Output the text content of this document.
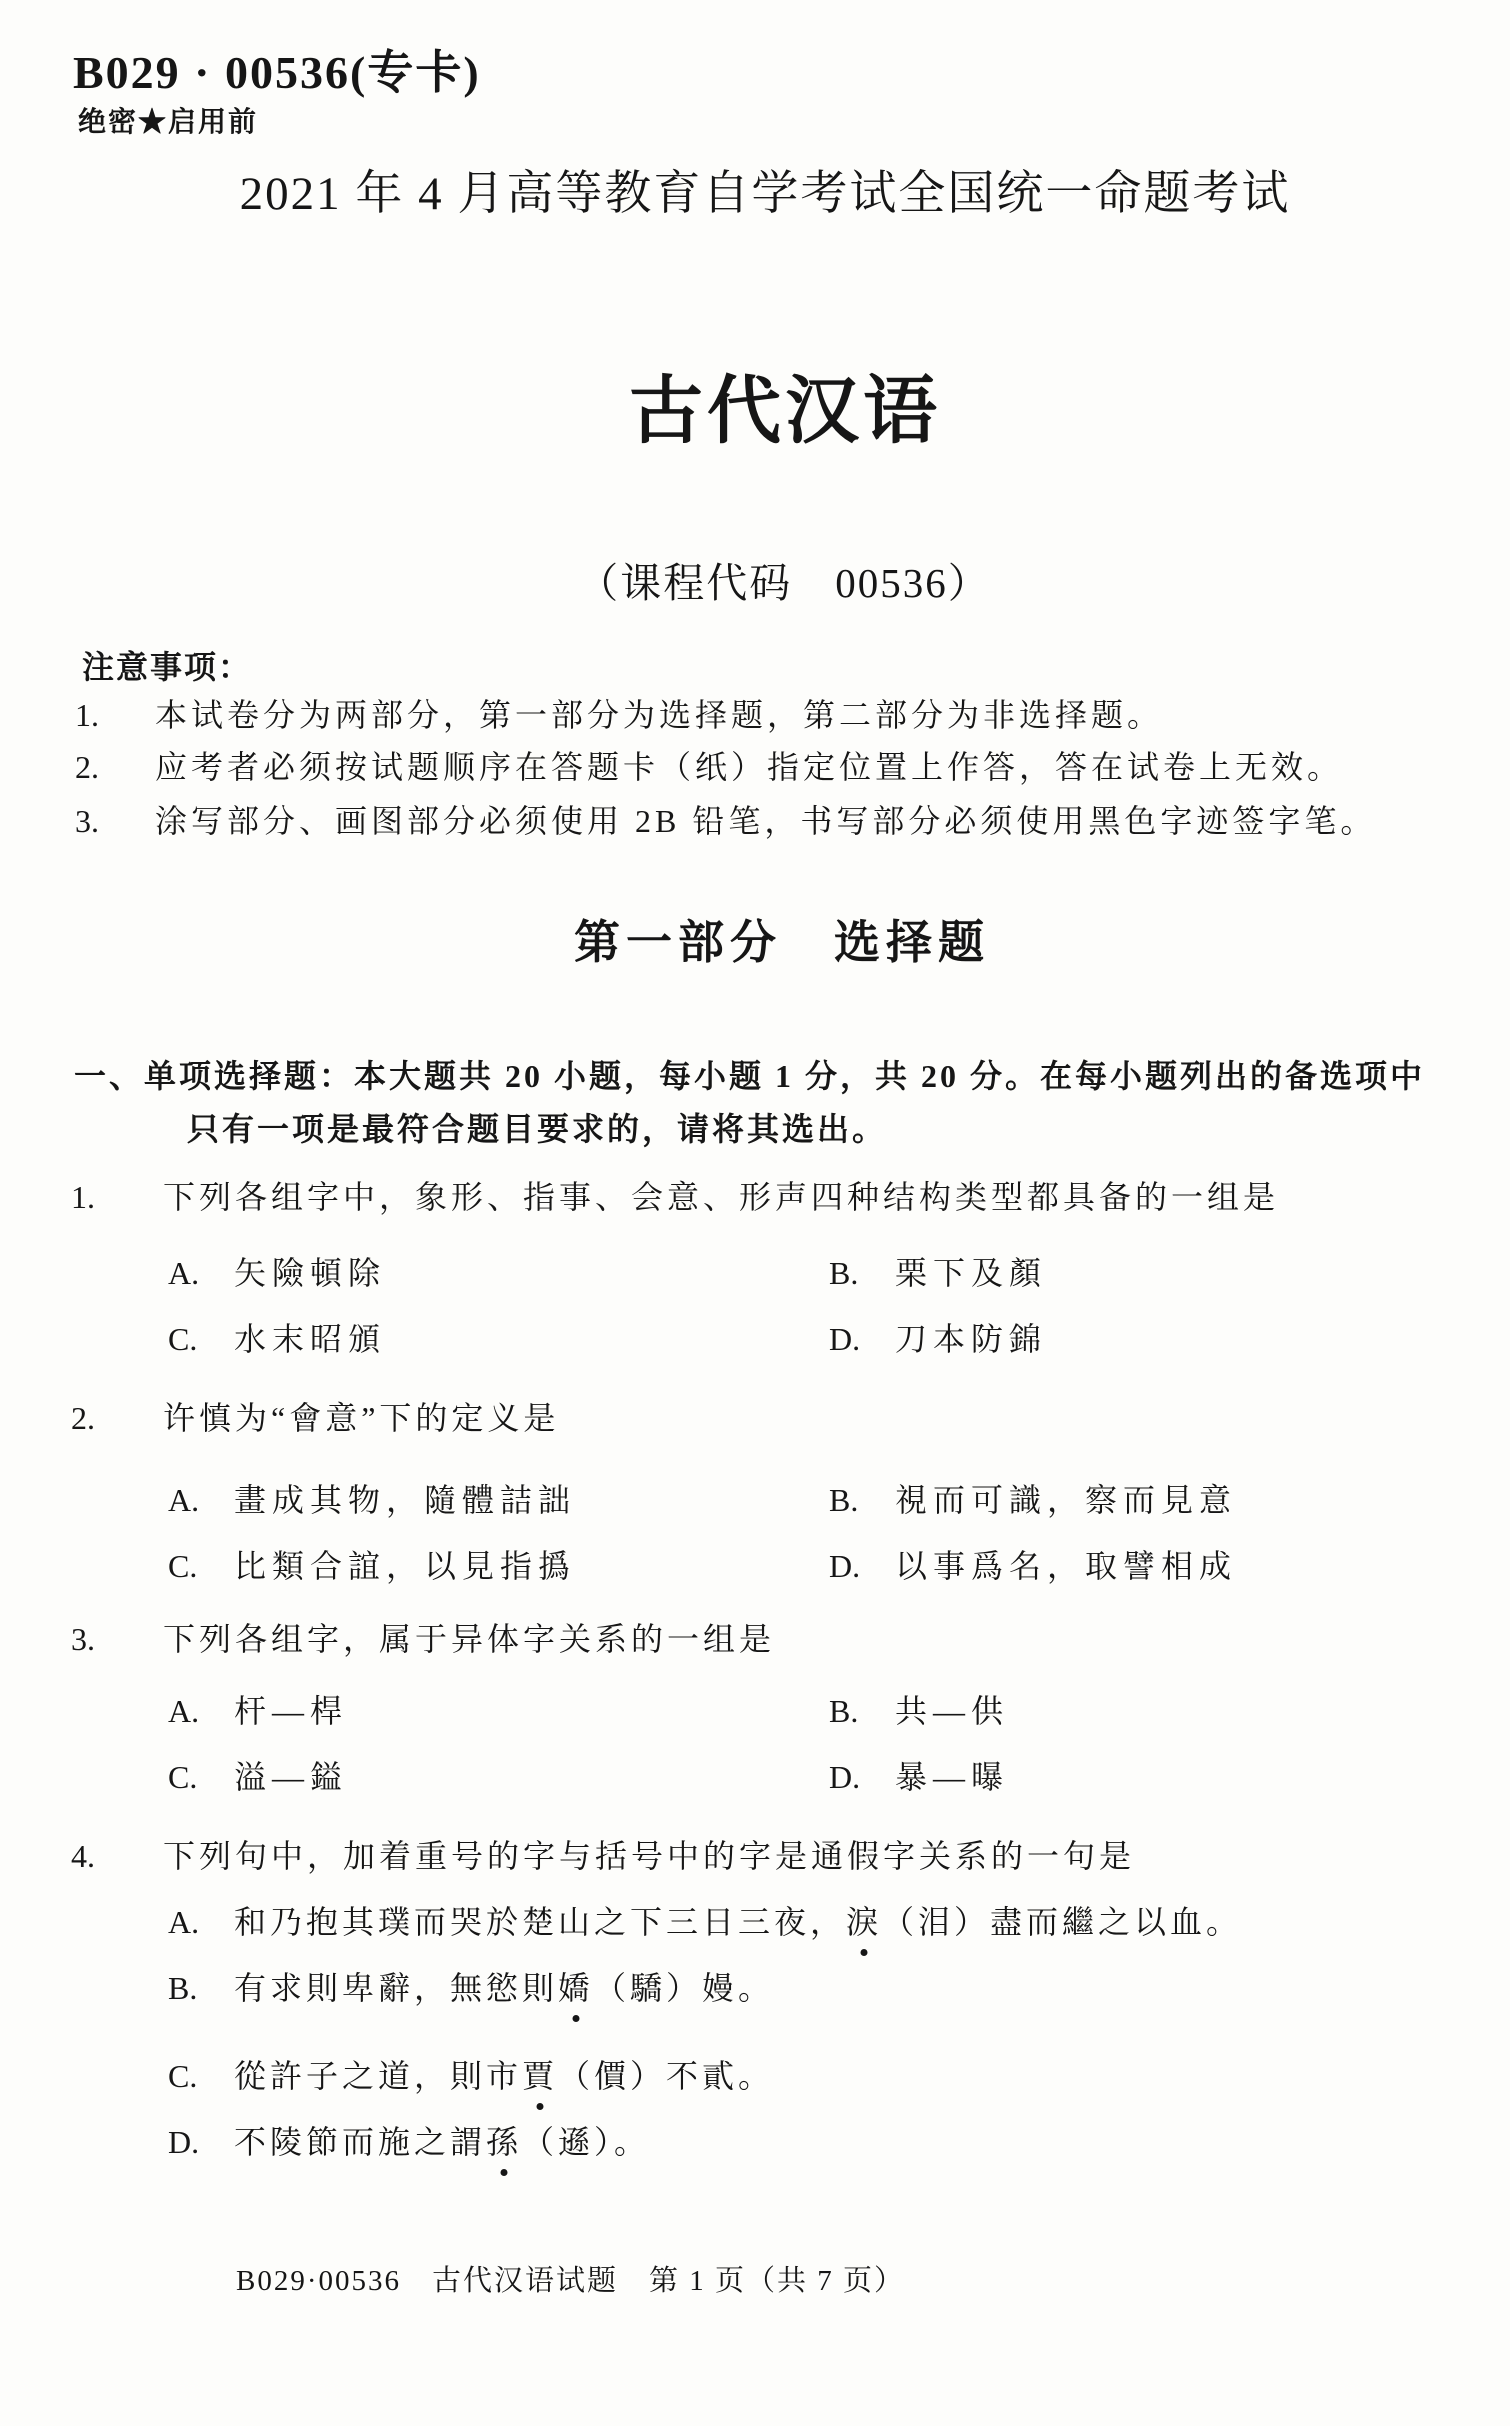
B029 · 00536(专卡)
绝密★启用前
2021 年 4 月高等教育自学考试全国统一命题考试
古代汉语
（课程代码　00536）
注意事项：
1. 本试卷分为两部分，第一部分为选择题，第二部分为非选择题。
2. 应考者必须按试题顺序在答题卡（纸）指定位置上作答，答在试卷上无效。
3. 涂写部分、画图部分必须使用 2B 铅笔，书写部分必须使用黑色字迹签字笔。
第一部分　选择题
一、单项选择题：本大题共 20 小题，每小题 1 分，共 20 分。在每小题列出的备选项中
只有一项是最符合题目要求的，请将其选出。
1. 下列各组字中，象形、指事、会意、形声四种结构类型都具备的一组是
A. 矢險頓除	B. 栗下及顏
C. 水末昭頒	D. 刀本防錦
2. 许慎为“會意”下的定义是
A. 畫成其物，隨體詰詘	B. 視而可識，察而見意
C. 比類合誼，以見指撝	D. 以事爲名，取譬相成
3. 下列各组字，属于异体字关系的一组是
A. 杆—桿	B. 共—供
C. 溢—鎰	D. 暴—曝
4. 下列句中，加着重号的字与括号中的字是通假字关系的一句是
A. 和乃抱其璞而哭於楚山之下三日三夜，淚（泪）盡而繼之以血。
B. 有求則卑辭，無慾則嬌（驕）嫚。
C. 從許子之道，則市賈（價）不貳。
D. 不陵節而施之謂孫（遜）。
B029·00536　古代汉语试题　第 1 页（共 7 页）
